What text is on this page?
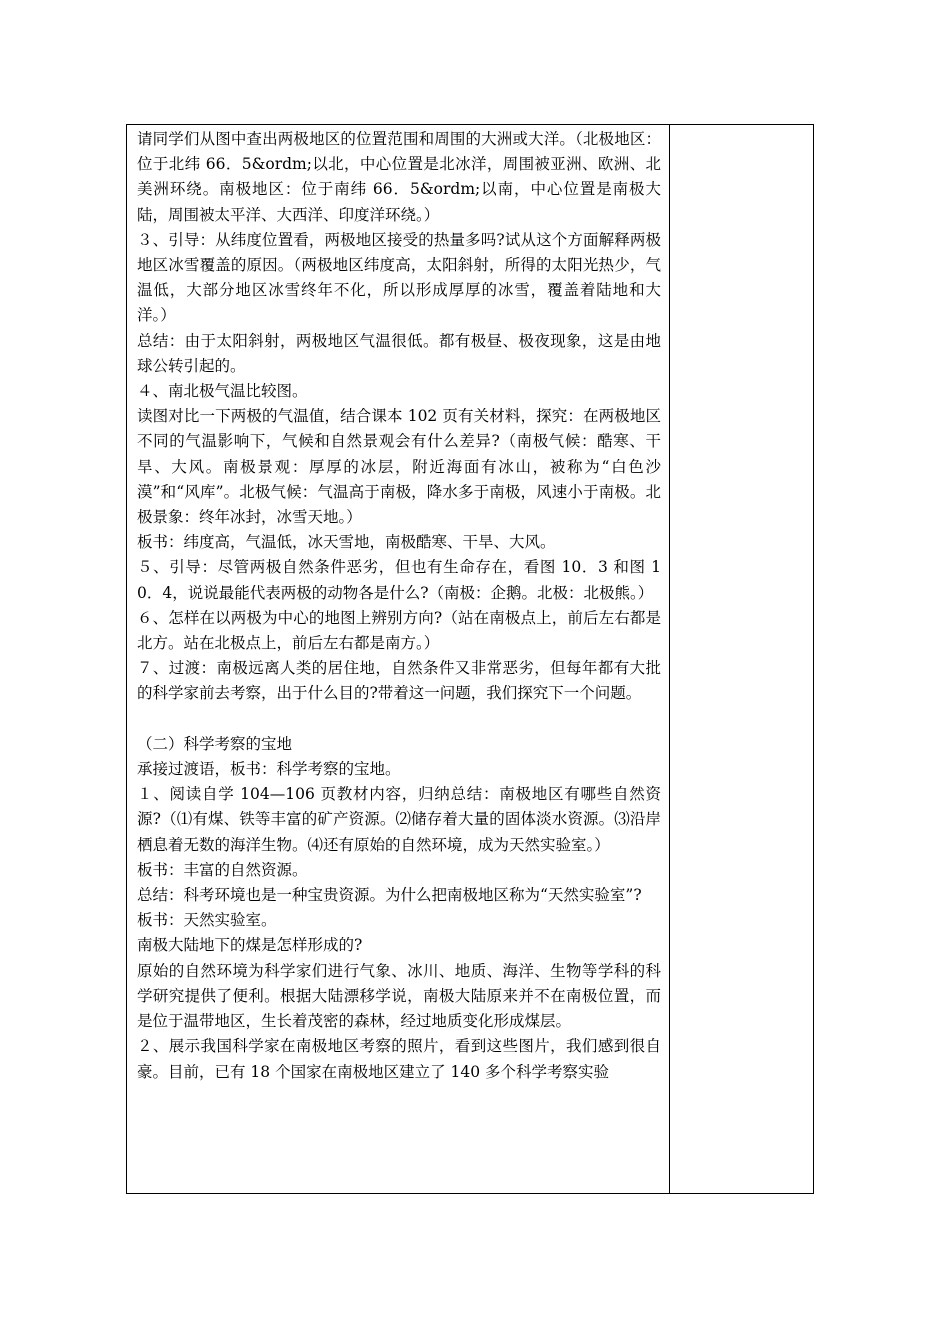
请同学们从图中查出两极地区的位置范围和周围的大洲或大洋。（北极地区：位于北纬 66．5&ordm;以北，中心位置是北冰洋，周围被亚洲、欧洲、北美洲环绕。南极地区：位于南纬 66．5&ordm;以南，中心位置是南极大陆，周围被太平洋、大西洋、印度洋环绕。）

３、引导：从纬度位置看，两极地区接受的热量多吗?试从这个方面解释两极地区冰雪覆盖的原因。（两极地区纬度高，太阳斜射，所得的太阳光热少，气温低，大部分地区冰雪终年不化，所以形成厚厚的冰雪，覆盖着陆地和大洋。）

总结：由于太阳斜射，两极地区气温很低。都有极昼、极夜现象，这是由地球公转引起的。

４、南北极气温比较图。

读图对比一下两极的气温值，结合课本 102 页有关材料，探究：在两极地区不同的气温影响下，气候和自然景观会有什么差异?（南极气候：酷寒、干旱、大风。南极景观：厚厚的冰层，附近海面有冰山，被称为“白色沙漠”和“风库”。北极气候：气温高于南极，降水多于南极，风速小于南极。北极景象：终年冰封，冰雪天地。）

板书：纬度高，气温低，冰天雪地，南极酷寒、干旱、大风。

５、引导：尽管两极自然条件恶劣，但也有生命存在，看图 10．3 和图 10．4，说说最能代表两极的动物各是什么?（南极：企鹅。北极：北极熊。）

６、怎样在以两极为中心的地图上辨别方向?（站在南极点上，前后左右都是北方。站在北极点上，前后左右都是南方。）

７、过渡：南极远离人类的居住地，自然条件又非常恶劣，但每年都有大批的科学家前去考察，出于什么目的?带着这一问题，我们探究下一个问题。

（二）科学考察的宝地

承接过渡语，板书：科学考察的宝地。

１、阅读自学 104—106 页教材内容，归纳总结：南极地区有哪些自然资源?（⑴有煤、铁等丰富的矿产资源。⑵储存着大量的固体淡水资源。⑶沿岸栖息着无数的海洋生物。⑷还有原始的自然环境，成为天然实验室。）

板书：丰富的自然资源。

总结：科考环境也是一种宝贵资源。为什么把南极地区称为“天然实验室”?

板书：天然实验室。

南极大陆地下的煤是怎样形成的?

原始的自然环境为科学家们进行气象、冰川、地质、海洋、生物等学科的科学研究提供了便利。根据大陆漂移学说，南极大陆原来并不在南极位置，而是位于温带地区，生长着茂密的森林，经过地质变化形成煤层。

２、展示我国科学家在南极地区考察的照片，看到这些图片，我们感到很自豪。目前，已有 18 个国家在南极地区建立了 140 多个科学考察实验
